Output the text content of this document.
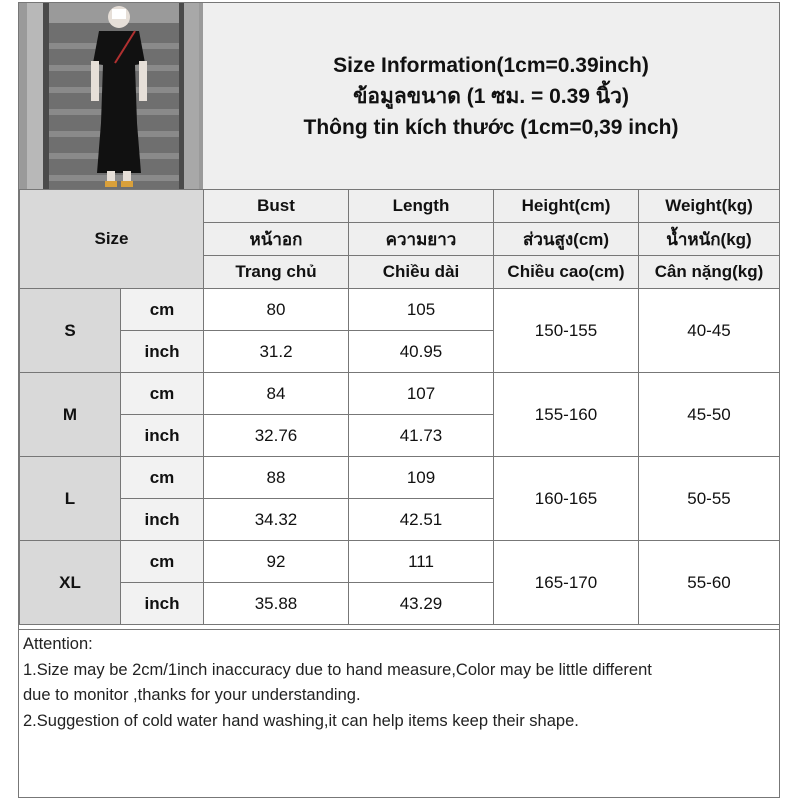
Size Information(1cm=0.39inch)
ข้อมูลขนาด (1 ซม. = 0.39 นิ้ว)
Thông tin kích thước (1cm=0,39 inch)
Size		Bust	Length	Height(cm)	Weight(kg)
		หน้าอก	ความยาว	ส่วนสูง(cm)	น้ำหนัก(kg)
		Trang chủ	Chiều dài	Chiều cao(cm)	Cân nặng(kg)
S	cm	80	105	150-155	40-45
	inch	31.2	40.95		
M	cm	84	107	155-160	45-50
	inch	32.76	41.73		
L	cm	88	109	160-165	50-55
	inch	34.32	42.51		
XL	cm	92	111	165-170	55-60
	inch	35.88	43.29		

Attention:

1.Size may be 2cm/1inch inaccuracy due to hand measure,Color may be little different

due to monitor ,thanks for your understanding.

2.Suggestion of cold water hand washing,it can help items keep their shape.
